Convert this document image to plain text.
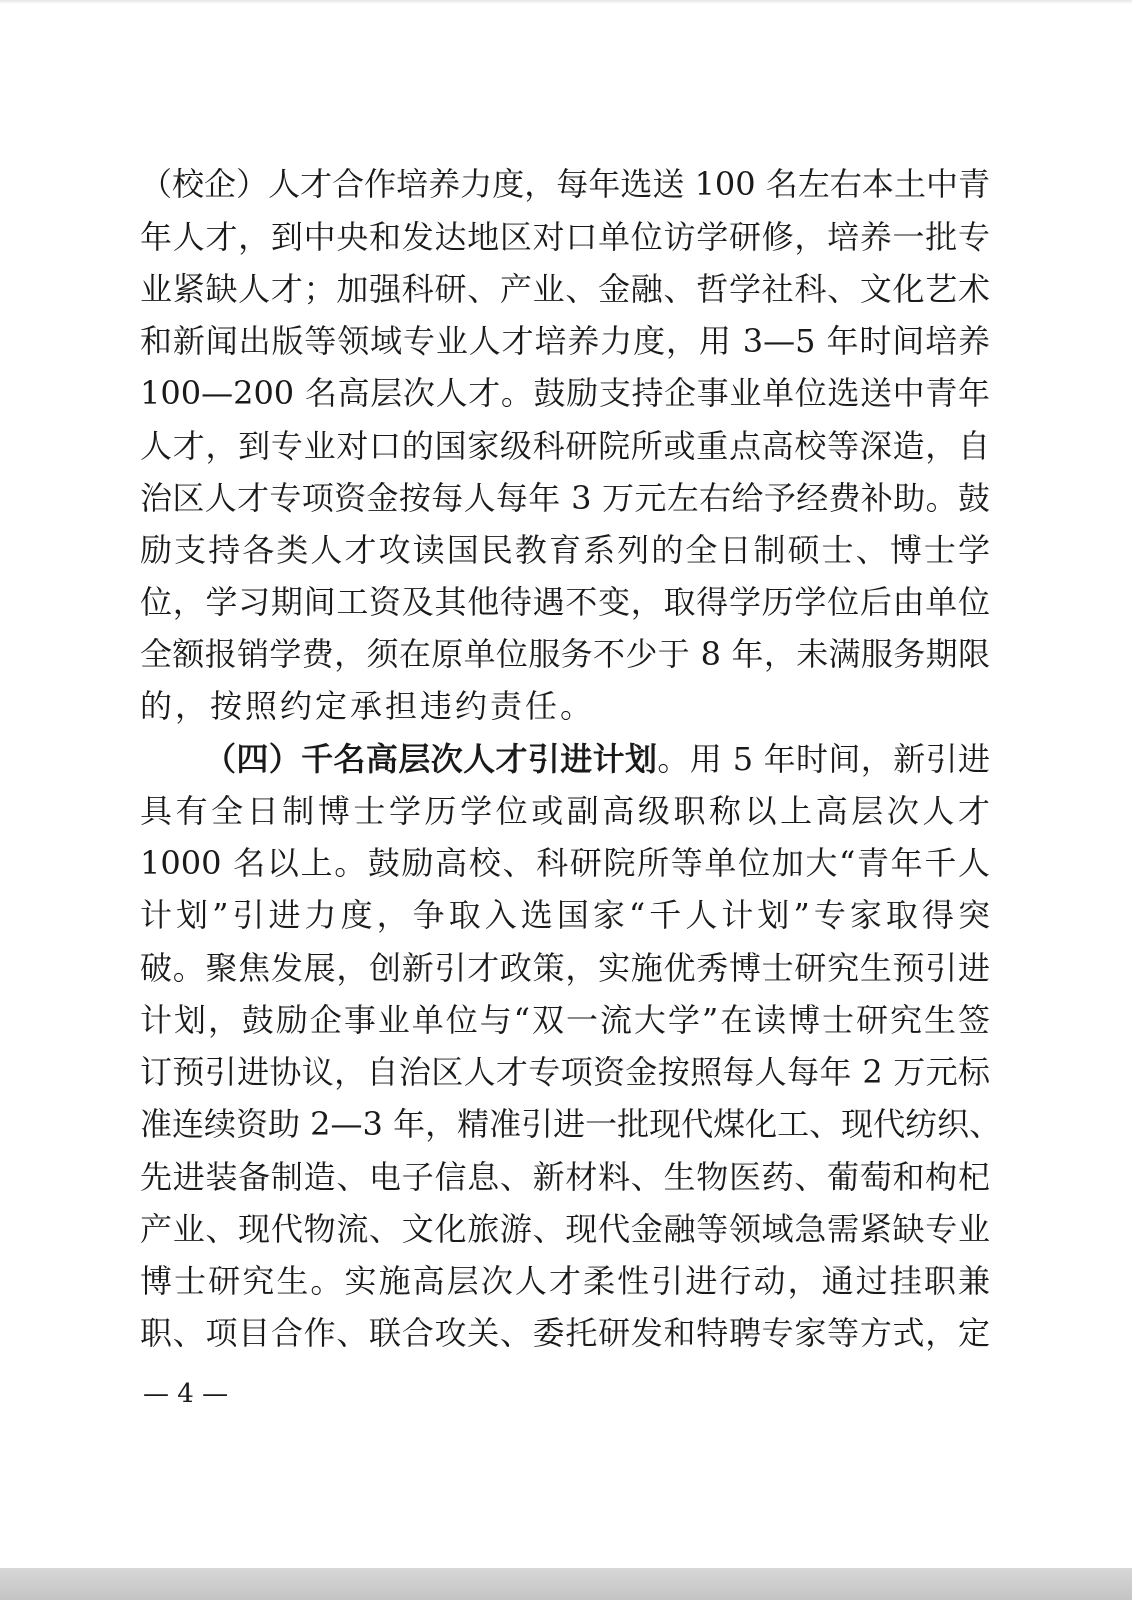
（校企）人才合作培养力度，每年选送 100 名左右本土中青
年人才，到中央和发达地区对口单位访学研修，培养一批专
业紧缺人才；加强科研、产业、金融、哲学社科、文化艺术
和新闻出版等领域专业人才培养力度，用 3—5 年时间培养
100—200 名高层次人才。鼓励支持企事业单位选送中青年
人才，到专业对口的国家级科研院所或重点高校等深造，自
治区人才专项资金按每人每年 3 万元左右给予经费补助。鼓
励支持各类人才攻读国民教育系列的全日制硕士、博士学
位，学习期间工资及其他待遇不变，取得学历学位后由单位
全额报销学费，须在原单位服务不少于 8 年，未满服务期限
的，按照约定承担违约责任。
（四）千名高层次人才引进计划。用 5 年时间，新引进
具有全日制博士学历学位或副高级职称以上高层次人才
1000 名以上。鼓励高校、科研院所等单位加大“青年千人
计划”引进力度，争取入选国家“千人计划”专家取得突
破。聚焦发展，创新引才政策，实施优秀博士研究生预引进
计划，鼓励企事业单位与“双一流大学”在读博士研究生签
订预引进协议，自治区人才专项资金按照每人每年 2 万元标
准连续资助 2—3 年，精准引进一批现代煤化工、现代纺织、
先进装备制造、电子信息、新材料、生物医药、葡萄和枸杞
产业、现代物流、文化旅游、现代金融等领域急需紧缺专业
博士研究生。实施高层次人才柔性引进行动，通过挂职兼
职、项目合作、联合攻关、委托研发和特聘专家等方式，定
— 4 —
